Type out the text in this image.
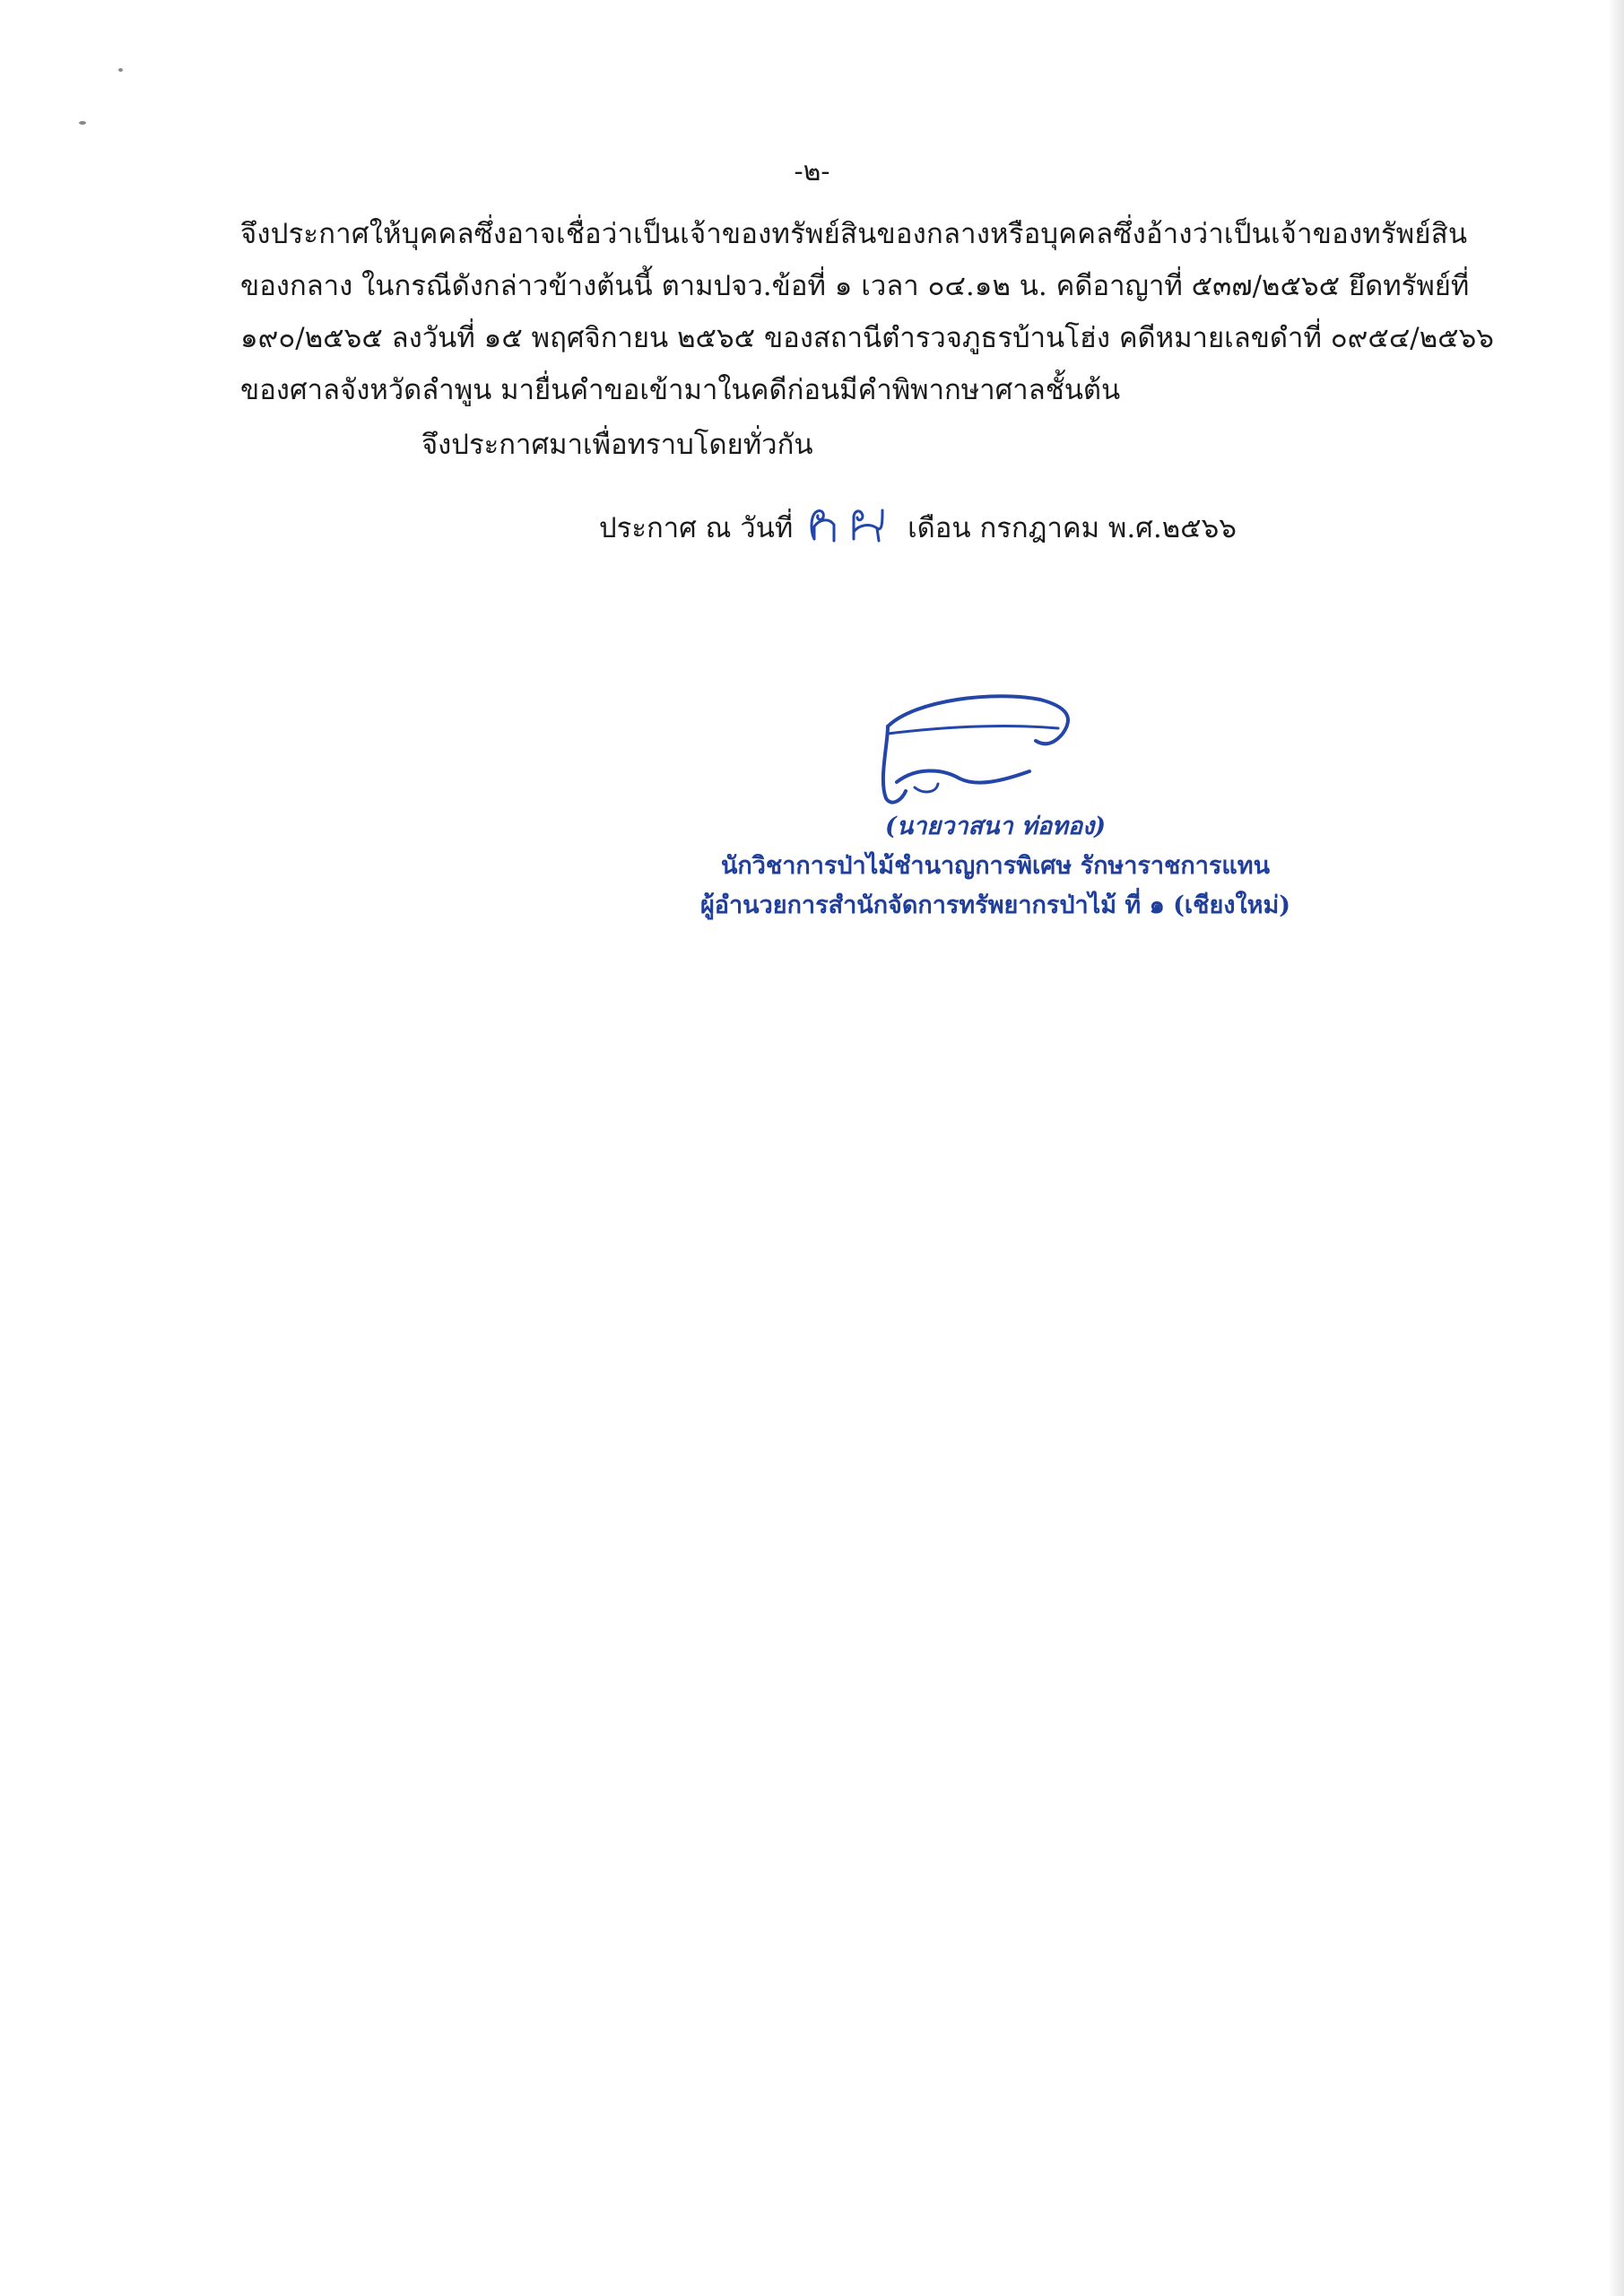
-๒-
จึงประกาศให้บุคคลซึ่งอาจเชื่อว่าเป็นเจ้าของทรัพย์สินของกลางหรือบุคคลซึ่งอ้างว่าเป็นเจ้าของทรัพย์สิน
ของกลาง ในกรณีดังกล่าวข้างต้นนี้ ตามปจว.ข้อที่ ๑ เวลา ๐๔.๑๒ น. คดีอาญาที่ ๕๓๗/๒๕๖๕ ยึดทรัพย์ที่
๑๙๐/๒๕๖๕ ลงวันที่ ๑๕ พฤศจิกายน ๒๕๖๕ ของสถานีตำรวจภูธรบ้านโฮ่ง คดีหมายเลขดำที่ ๐๙๕๔/๒๕๖๖
ของศาลจังหวัดลำพูน มายื่นคำขอเข้ามาในคดีก่อนมีคำพิพากษาศาลชั้นต้น
จึงประกาศมาเพื่อทราบโดยทั่วกัน
ประกาศ ณ วันที่	เดือน กรกฎาคม พ.ศ.๒๕๖๖
(นายวาสนา ท่อทอง)
นักวิชาการป่าไม้ชำนาญการพิเศษ รักษาราชการแทน
ผู้อำนวยการสำนักจัดการทรัพยากรป่าไม้ ที่ ๑ (เชียงใหม่)
